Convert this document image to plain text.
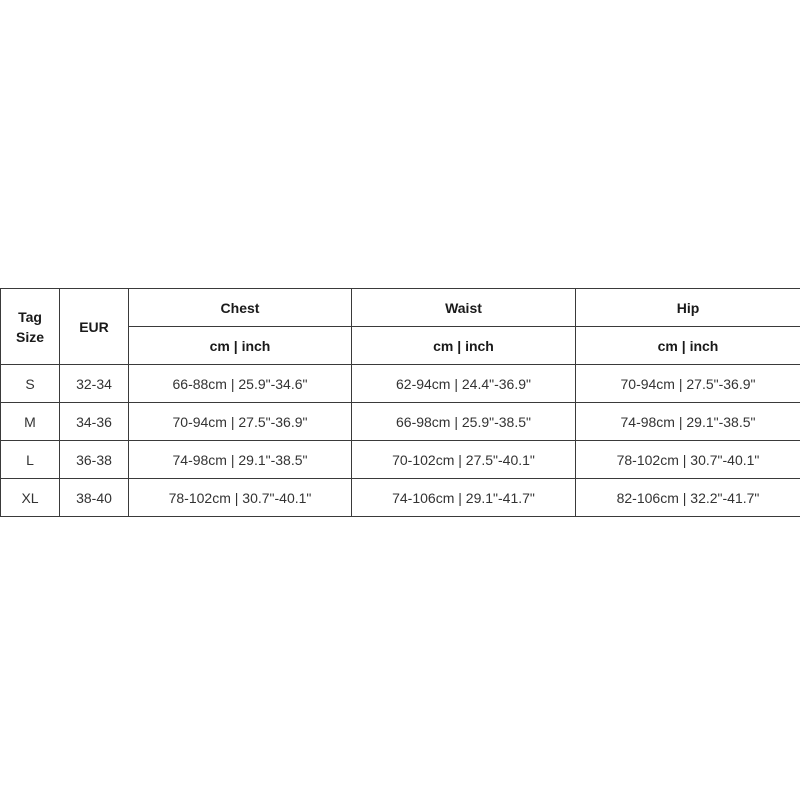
Tag
Size	EUR	Chest	Waist	Hip
		cm | inch	cm | inch	cm | inch
S	32-34	66-88cm | 25.9"-34.6"	62-94cm | 24.4"-36.9"	70-94cm | 27.5"-36.9"
M	34-36	70-94cm | 27.5"-36.9"	66-98cm | 25.9"-38.5"	74-98cm | 29.1"-38.5"
L	36-38	74-98cm | 29.1"-38.5"	70-102cm | 27.5"-40.1"	78-102cm | 30.7"-40.1"
XL	38-40	78-102cm | 30.7"-40.1"	74-106cm | 29.1"-41.7"	82-106cm | 32.2"-41.7"
